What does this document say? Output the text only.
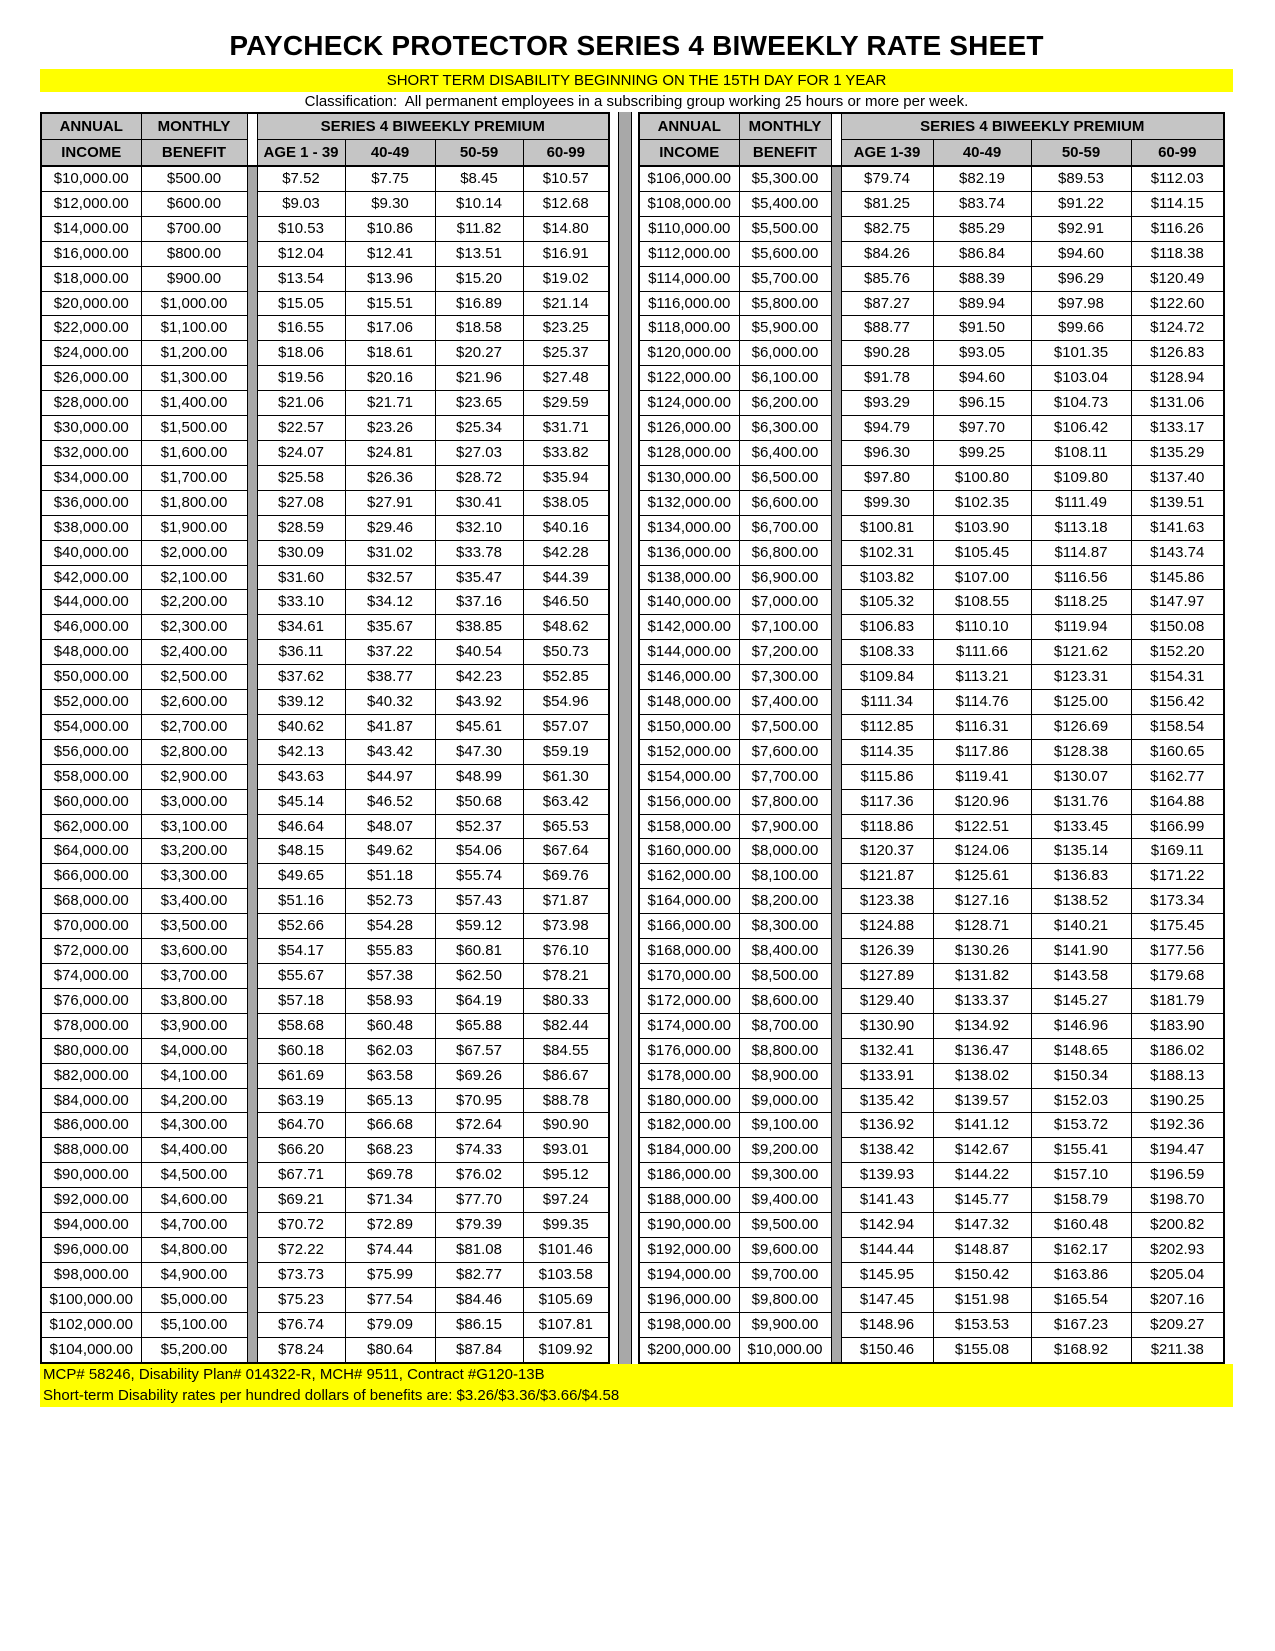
PAYCHECK PROTECTOR SERIES 4 BIWEEKLY RATE SHEET
SHORT TERM DISABILITY BEGINNING ON THE 15TH DAY FOR 1 YEAR
Classification:  All permanent employees in a subscribing group working 25 hours or more per week.
ANNUAL	MONTHLY		SERIES 4 BIWEEKLY PREMIUM			
INCOME	BENEFIT		AGE 1 - 39	40-49	50-59	60-99
$10,000.00	$500.00		$7.52	$7.75	$8.45	$10.57
$12,000.00	$600.00		$9.03	$9.30	$10.14	$12.68
$14,000.00	$700.00		$10.53	$10.86	$11.82	$14.80
$16,000.00	$800.00		$12.04	$12.41	$13.51	$16.91
$18,000.00	$900.00		$13.54	$13.96	$15.20	$19.02
$20,000.00	$1,000.00		$15.05	$15.51	$16.89	$21.14
$22,000.00	$1,100.00		$16.55	$17.06	$18.58	$23.25
$24,000.00	$1,200.00		$18.06	$18.61	$20.27	$25.37
$26,000.00	$1,300.00		$19.56	$20.16	$21.96	$27.48
$28,000.00	$1,400.00		$21.06	$21.71	$23.65	$29.59
$30,000.00	$1,500.00		$22.57	$23.26	$25.34	$31.71
$32,000.00	$1,600.00		$24.07	$24.81	$27.03	$33.82
$34,000.00	$1,700.00		$25.58	$26.36	$28.72	$35.94
$36,000.00	$1,800.00		$27.08	$27.91	$30.41	$38.05
$38,000.00	$1,900.00		$28.59	$29.46	$32.10	$40.16
$40,000.00	$2,000.00		$30.09	$31.02	$33.78	$42.28
$42,000.00	$2,100.00		$31.60	$32.57	$35.47	$44.39
$44,000.00	$2,200.00		$33.10	$34.12	$37.16	$46.50
$46,000.00	$2,300.00		$34.61	$35.67	$38.85	$48.62
$48,000.00	$2,400.00		$36.11	$37.22	$40.54	$50.73
$50,000.00	$2,500.00		$37.62	$38.77	$42.23	$52.85
$52,000.00	$2,600.00		$39.12	$40.32	$43.92	$54.96
$54,000.00	$2,700.00		$40.62	$41.87	$45.61	$57.07
$56,000.00	$2,800.00		$42.13	$43.42	$47.30	$59.19
$58,000.00	$2,900.00		$43.63	$44.97	$48.99	$61.30
$60,000.00	$3,000.00		$45.14	$46.52	$50.68	$63.42
$62,000.00	$3,100.00		$46.64	$48.07	$52.37	$65.53
$64,000.00	$3,200.00		$48.15	$49.62	$54.06	$67.64
$66,000.00	$3,300.00		$49.65	$51.18	$55.74	$69.76
$68,000.00	$3,400.00		$51.16	$52.73	$57.43	$71.87
$70,000.00	$3,500.00		$52.66	$54.28	$59.12	$73.98
$72,000.00	$3,600.00		$54.17	$55.83	$60.81	$76.10
$74,000.00	$3,700.00		$55.67	$57.38	$62.50	$78.21
$76,000.00	$3,800.00		$57.18	$58.93	$64.19	$80.33
$78,000.00	$3,900.00		$58.68	$60.48	$65.88	$82.44
$80,000.00	$4,000.00		$60.18	$62.03	$67.57	$84.55
$82,000.00	$4,100.00		$61.69	$63.58	$69.26	$86.67
$84,000.00	$4,200.00		$63.19	$65.13	$70.95	$88.78
$86,000.00	$4,300.00		$64.70	$66.68	$72.64	$90.90
$88,000.00	$4,400.00		$66.20	$68.23	$74.33	$93.01
$90,000.00	$4,500.00		$67.71	$69.78	$76.02	$95.12
$92,000.00	$4,600.00		$69.21	$71.34	$77.70	$97.24
$94,000.00	$4,700.00		$70.72	$72.89	$79.39	$99.35
$96,000.00	$4,800.00		$72.22	$74.44	$81.08	$101.46
$98,000.00	$4,900.00		$73.73	$75.99	$82.77	$103.58
$100,000.00	$5,000.00		$75.23	$77.54	$84.46	$105.69
$102,000.00	$5,100.00		$76.74	$79.09	$86.15	$107.81
$104,000.00	$5,200.00		$78.24	$80.64	$87.84	$109.92
ANNUAL	MONTHLY		SERIES 4 BIWEEKLY PREMIUM			
INCOME	BENEFIT		AGE 1-39	40-49	50-59	60-99
$106,000.00	$5,300.00		$79.74	$82.19	$89.53	$112.03
$108,000.00	$5,400.00		$81.25	$83.74	$91.22	$114.15
$110,000.00	$5,500.00		$82.75	$85.29	$92.91	$116.26
$112,000.00	$5,600.00		$84.26	$86.84	$94.60	$118.38
$114,000.00	$5,700.00		$85.76	$88.39	$96.29	$120.49
$116,000.00	$5,800.00		$87.27	$89.94	$97.98	$122.60
$118,000.00	$5,900.00		$88.77	$91.50	$99.66	$124.72
$120,000.00	$6,000.00		$90.28	$93.05	$101.35	$126.83
$122,000.00	$6,100.00		$91.78	$94.60	$103.04	$128.94
$124,000.00	$6,200.00		$93.29	$96.15	$104.73	$131.06
$126,000.00	$6,300.00		$94.79	$97.70	$106.42	$133.17
$128,000.00	$6,400.00		$96.30	$99.25	$108.11	$135.29
$130,000.00	$6,500.00		$97.80	$100.80	$109.80	$137.40
$132,000.00	$6,600.00		$99.30	$102.35	$111.49	$139.51
$134,000.00	$6,700.00		$100.81	$103.90	$113.18	$141.63
$136,000.00	$6,800.00		$102.31	$105.45	$114.87	$143.74
$138,000.00	$6,900.00		$103.82	$107.00	$116.56	$145.86
$140,000.00	$7,000.00		$105.32	$108.55	$118.25	$147.97
$142,000.00	$7,100.00		$106.83	$110.10	$119.94	$150.08
$144,000.00	$7,200.00		$108.33	$111.66	$121.62	$152.20
$146,000.00	$7,300.00		$109.84	$113.21	$123.31	$154.31
$148,000.00	$7,400.00		$111.34	$114.76	$125.00	$156.42
$150,000.00	$7,500.00		$112.85	$116.31	$126.69	$158.54
$152,000.00	$7,600.00		$114.35	$117.86	$128.38	$160.65
$154,000.00	$7,700.00		$115.86	$119.41	$130.07	$162.77
$156,000.00	$7,800.00		$117.36	$120.96	$131.76	$164.88
$158,000.00	$7,900.00		$118.86	$122.51	$133.45	$166.99
$160,000.00	$8,000.00		$120.37	$124.06	$135.14	$169.11
$162,000.00	$8,100.00		$121.87	$125.61	$136.83	$171.22
$164,000.00	$8,200.00		$123.38	$127.16	$138.52	$173.34
$166,000.00	$8,300.00		$124.88	$128.71	$140.21	$175.45
$168,000.00	$8,400.00		$126.39	$130.26	$141.90	$177.56
$170,000.00	$8,500.00		$127.89	$131.82	$143.58	$179.68
$172,000.00	$8,600.00		$129.40	$133.37	$145.27	$181.79
$174,000.00	$8,700.00		$130.90	$134.92	$146.96	$183.90
$176,000.00	$8,800.00		$132.41	$136.47	$148.65	$186.02
$178,000.00	$8,900.00		$133.91	$138.02	$150.34	$188.13
$180,000.00	$9,000.00		$135.42	$139.57	$152.03	$190.25
$182,000.00	$9,100.00		$136.92	$141.12	$153.72	$192.36
$184,000.00	$9,200.00		$138.42	$142.67	$155.41	$194.47
$186,000.00	$9,300.00		$139.93	$144.22	$157.10	$196.59
$188,000.00	$9,400.00		$141.43	$145.77	$158.79	$198.70
$190,000.00	$9,500.00		$142.94	$147.32	$160.48	$200.82
$192,000.00	$9,600.00		$144.44	$148.87	$162.17	$202.93
$194,000.00	$9,700.00		$145.95	$150.42	$163.86	$205.04
$196,000.00	$9,800.00		$147.45	$151.98	$165.54	$207.16
$198,000.00	$9,900.00		$148.96	$153.53	$167.23	$209.27
$200,000.00	$10,000.00		$150.46	$155.08	$168.92	$211.38
MCP# 58246, Disability Plan# 014322-R, MCH# 9511, Contract #G120-13B
Short-term Disability rates per hundred dollars of benefits are: $3.26/$3.36/$3.66/$4.58
